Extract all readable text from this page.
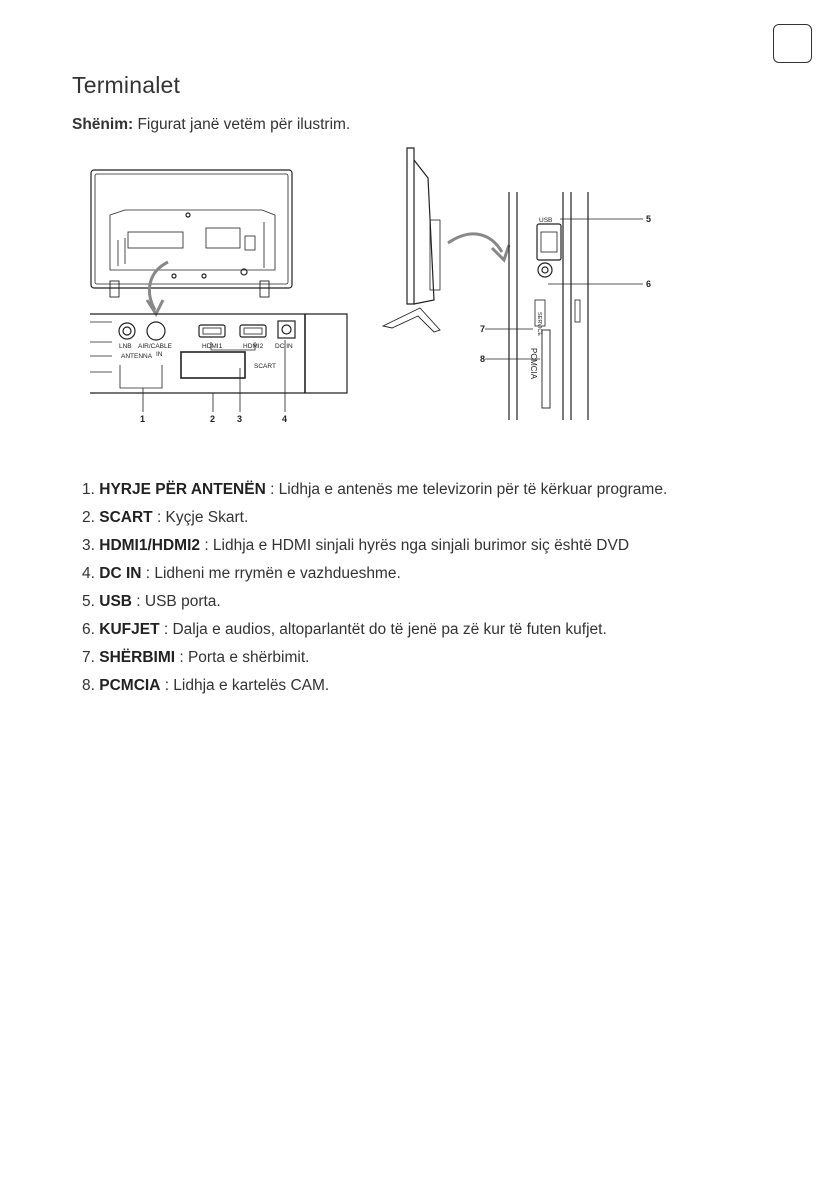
Terminalet
Shënim: Figurat janë vetëm për ilustrim.
LNB AIR/CABLE
ANTENNA IN
HDMI1	HDMI2 DC IN
SCART
USB
SERVICE
PCMCIA
1	2 3	4
5
6
7
8
1. HYRJE PËR ANTENËN : Lidhja e antenës me televizorin për të kërkuar programe.
2. SCART : Kyçje Skart.
3. HDMI1/HDMI2 : Lidhja e HDMI sinjali hyrës nga sinjali burimor siç është DVD
4. DC IN : Lidheni me rrymën e vazhdueshme.
5. USB : USB porta.
6. KUFJET : Dalja e audios, altoparlantët do të jenë pa zë kur të futen kufjet.
7. SHËRBIMI : Porta e shërbimit.
8. PCMCIA : Lidhja e kartelës CAM.
